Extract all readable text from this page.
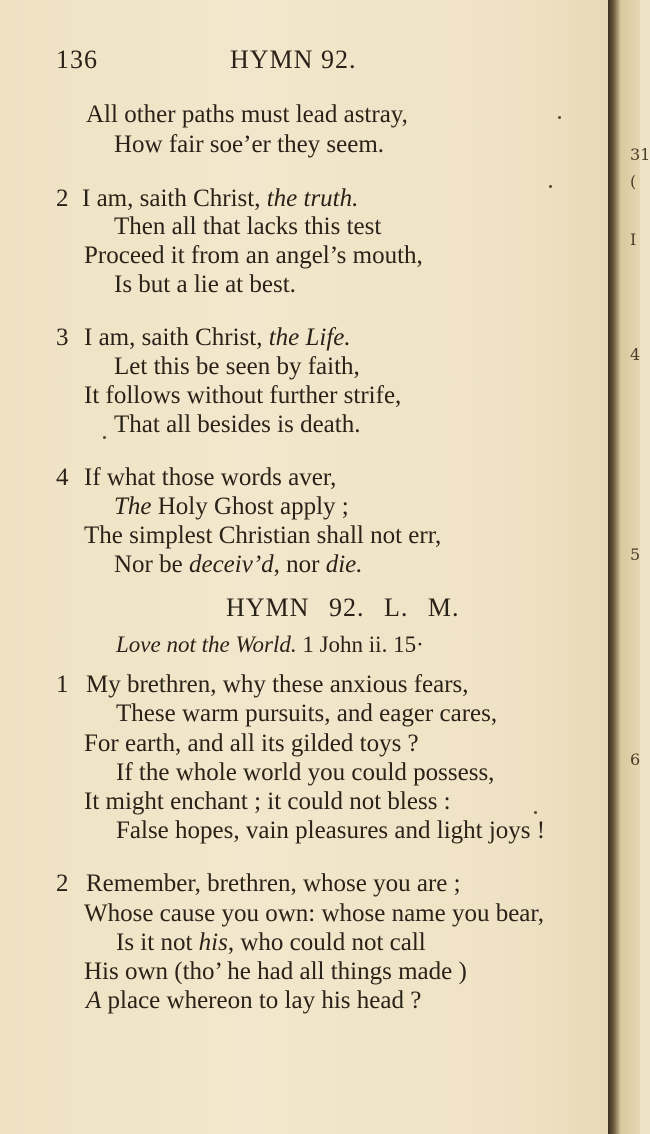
136	HYMN 92.
All other paths must lead astray,
How fair soe’er they seem.
2 I am, saith Christ, the truth.
Then all that lacks this test
Proceed it from an angel’s mouth,
Is but a lie at best.
3 I am, saith Christ, the Life.
Let this be seen by faith,
It follows without further strife,
That all besides is death.
4 If what those words aver,
The Holy Ghost apply ;
The simplest Christian shall not err,
Nor be deceiv’d, nor die.
HYMN 92. L. M.
Love not the World. 1 John ii. 15·
1 My brethren, why these anxious fears,
These warm pursuits, and eager cares,
For earth, and all its gilded toys ?
If the whole world you could possess,
It might enchant ; it could not bless :
False hopes, vain pleasures and light joys !
2 Remember, brethren, whose you are ;
Whose cause you own: whose name you bear,
Is it not his, who could not call
His own (tho’ he had all things made )
A place whereon to lay his head ?
31
(
I
4
5
6
